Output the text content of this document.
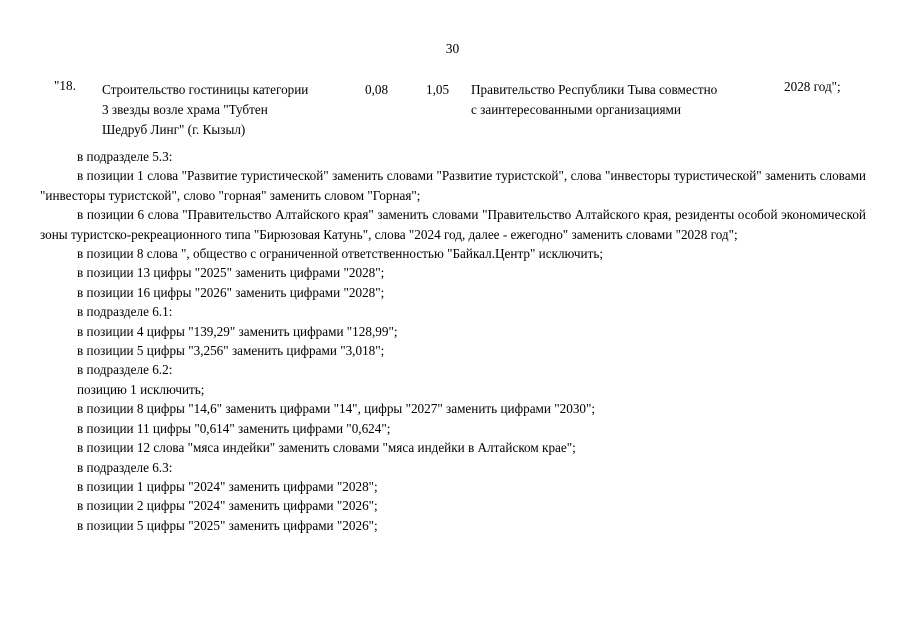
30
"18. Строительство гостиницы категории
3 звезды возле храма "Тубтен
Шедруб Линг" (г. Кызыл)
0,08	1,05 Правительство Республики Тыва совместно
с заинтересованными организациями
2028 год";

в подразделе 5.3:

в позиции 1 слова "Развитие туристической" заменить словами "Развитие туристской", слова "инвесторы туристической" заменить словами "инвесторы туристской", слово "горная" заменить словом "Горная";

в позиции 6 слова "Правительство Алтайского края" заменить словами "Правительство Алтайского края, резиденты особой экономической зоны туристско-рекреационного типа "Бирюзовая Катунь", слова "2024 год, далее - ежегодно" заменить словами "2028 год";

в позиции 8 слова ", общество с ограниченной ответственностью "Байкал.Центр" исключить;

в позиции 13 цифры "2025" заменить цифрами "2028";

в позиции 16 цифры "2026" заменить цифрами "2028";

в подразделе 6.1:

в позиции 4 цифры "139,29" заменить цифрами "128,99";

в позиции 5 цифры "3,256" заменить цифрами "3,018";

в подразделе 6.2:

позицию 1 исключить;

в позиции 8 цифры "14,6" заменить цифрами "14", цифры "2027" заменить цифрами "2030";

в позиции 11 цифры "0,614" заменить цифрами "0,624";

в позиции 12 слова "мяса индейки" заменить словами "мяса индейки в Алтайском крае";

в подразделе 6.3:

в позиции 1 цифры "2024" заменить цифрами "2028";

в позиции 2 цифры "2024" заменить цифрами "2026";

в позиции 5 цифры "2025" заменить цифрами "2026";
